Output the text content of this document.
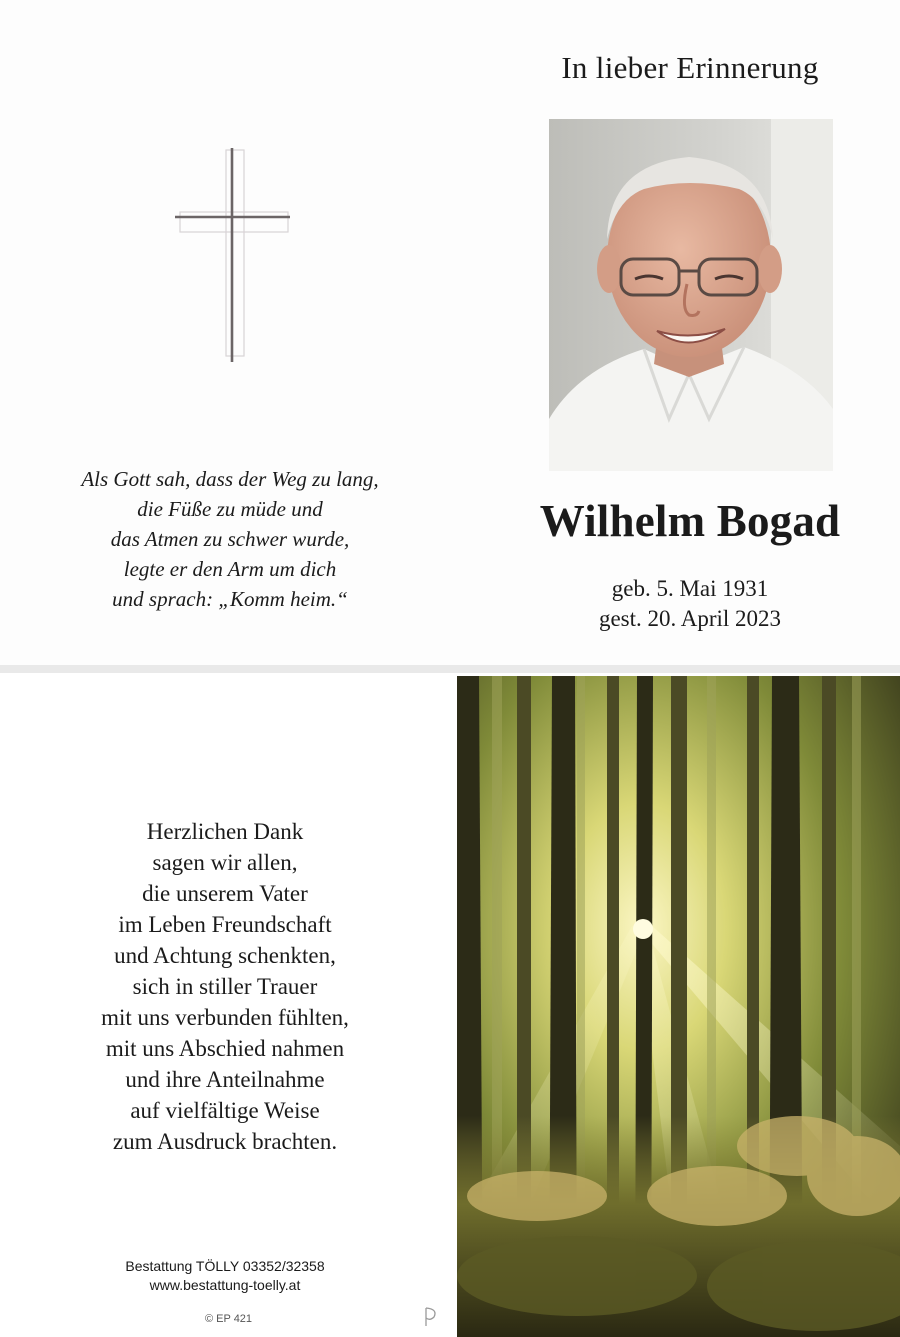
In lieber Erinnerung
Als Gott sah, dass der Weg zu lang,
die Füße zu müde und
das Atmen zu schwer wurde,
legte er den Arm um dich
und sprach: „Komm heim.“
Wilhelm Bogad
geb. 5. Mai 1931
gest. 20. April 2023
Herzlichen Dank
sagen wir allen,
die unserem Vater
im Leben Freundschaft
und Achtung schenkten,
sich in stiller Trauer
mit uns verbunden fühlten,
mit uns Abschied nahmen
und ihre Anteilnahme
auf vielfältige Weise
zum Ausdruck brachten.
Bestattung TÖLLY 03352/32358
www.bestattung-toelly.at
© EP 421
